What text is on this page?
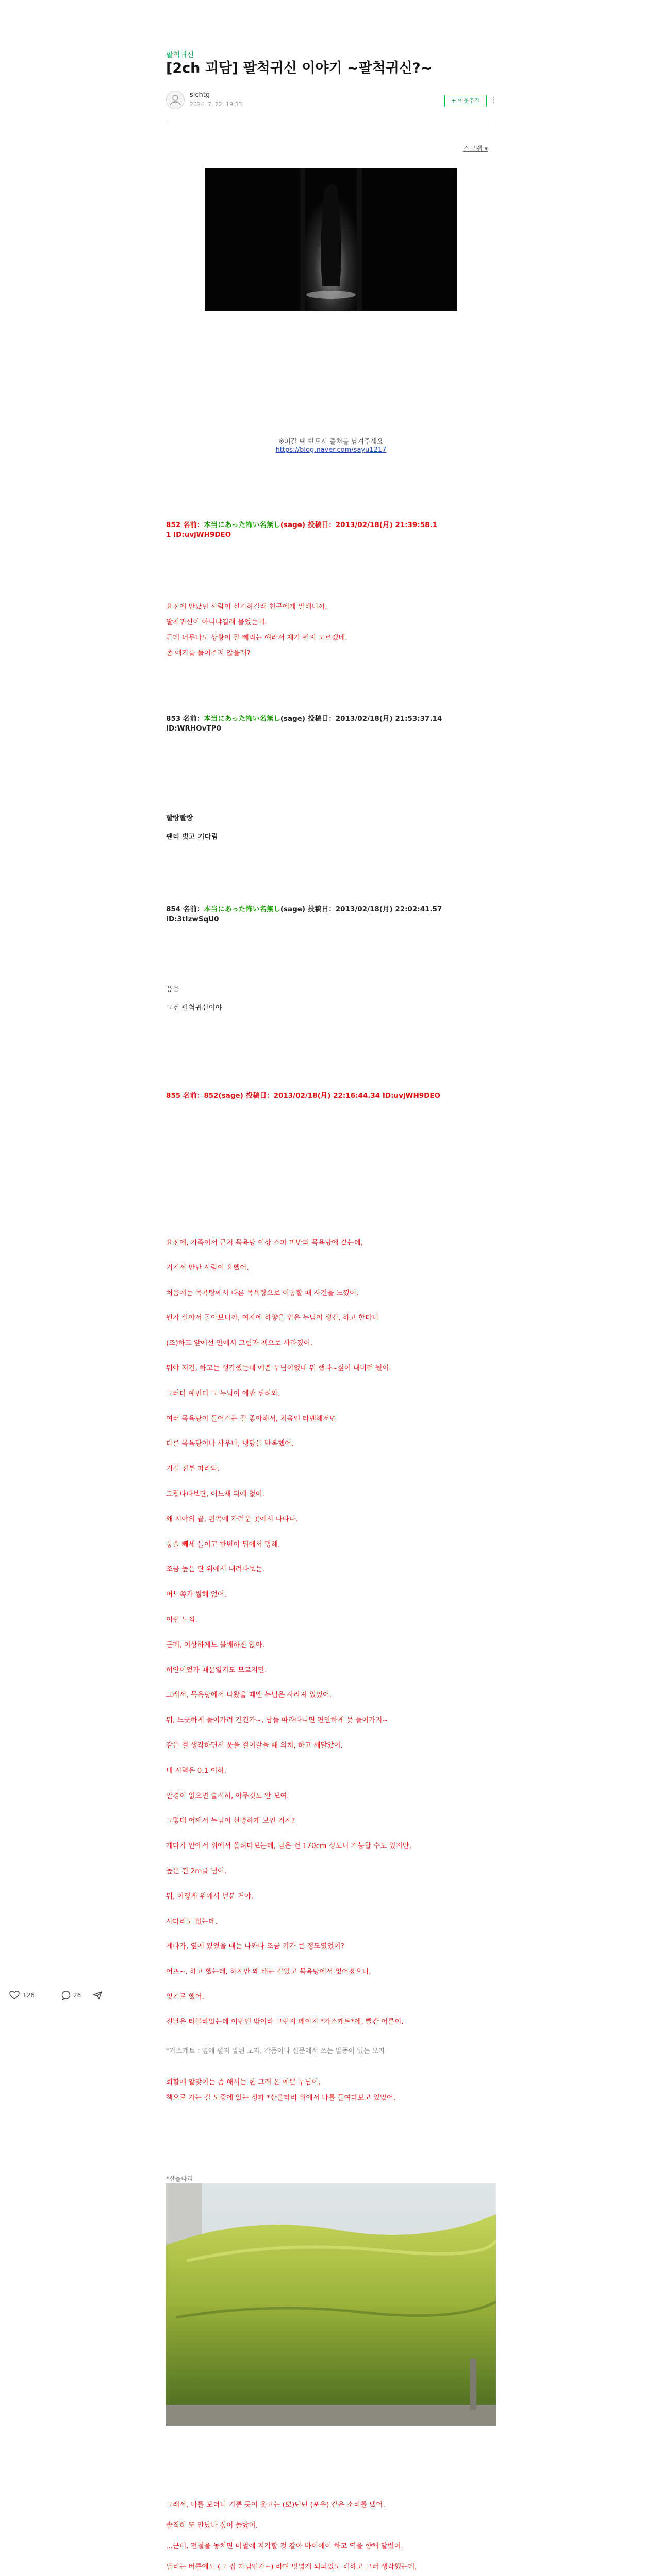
팔척귀신
[2ch 괴담] 팔척귀신 이야기 ~팔척귀신?~
sichtg
2024. 7. 22. 19:33
+ 이웃추가	⋮
스크랩 ▾
※퍼갈 땐 반드시 출처를 남겨주세요
https://blog.naver.com/sayu1217
852 名前：本当にあった怖い名無し(sage) 投稿日：2013/02/18(月) 21:39:58.1
1 ID:uvjWH9DEO
요전에 만났던 사람이 신기하길래 친구에게 말해니까,
팔척귀신이 아니냐길래 물었는데.
근데 너무나도 상황이 잘 빼먹는 얘라서 제가 뭔지 모르겠네.
좀 얘기를 들어주지 않을래?
853 名前：本当にあった怖い名無し(sage) 投稿日：2013/02/18(月) 21:53:37.14
ID:WRHOvTP0
빨랑빨랑
팬티 벗고 기다림
854 名前：本当にあった怖い名無し(sage) 投稿日：2013/02/18(月) 22:02:41.57
ID:3tIzwSqU0
응응
그건 팔척귀신이야
855 名前：852(sage) 投稿日：2013/02/18(月) 22:16:44.34 ID:uvjWH9DEO
요전에, 가족이서 근처 목욕탕 이상 스파 마만의 목욕탕에 갔는데,
거기서 만난 사람이 요했어.
처음에는 목욕탕에서 다른 목욕탕으로 이동할 때 사건을 느꼈어.
뭔가 살아서 돌아보니까, 여자에 하얗을 입은 누님이 생긴, 하고 한다니
(조)하고 앞에선 안에서 그림과 책으로 사라졌어.
뭐야 저건, 하고는 생각했는데 예쁜 누님이었네 뭐 했다~싶어 내버려 뒀어.
그러다 예민디 그 누님이 에반 뒤려와.
여러 목욕탕이 들어가는 걸 좋아해서, 처음인 타볜해저면
다른 목욕탕이나 사우나, 냉탕을 반복했어.
거길 전부 따라와.
그렇다다보단, 어느새 뒤에 없어.
왜 시야의 끝, 왼쪽에 가려운 곳에서 나타나.
둥술 빼세 들이고 한번이 뒤에서 명해.
조금 높은 단 위에서 내려다보는.
어느쪽가 뭘해 없어.
이런 느낌.
근데, 이상하게도 불쾌하진 않아.
히안이었가 때문일지도 모르지만.
그래서, 목욕탕에서 나왔을 때엔 누님은 사라져 있었어.
뭐, 느긋하게 들어가려 긴건가~, 남들 따라다니면 편안하게 못 들어가지~
같은 걸 생각하면서 웃을 걸어갈을 때 외쳐, 하고 깨달았어.
내 시력은 0.1 이하.
안경이 없으면 솔직히, 아무것도 안 보여.
그렇대 어째서 누님이 선명하게 보인 거지?
게다가 안에서 위에서 올려다보는데, 남은 건 170cm 정도니 가능할 수도 있지만,
높은 건 2m를 넘어.
뭐, 어떻게 위에서 넌분 거야.
사다리도 없는데.
게다가, 옆에 있었을 때는 나와다 조금 키가 큰 정도였었어?
어뜨~, 하고 했는데, 하지만 왜 배는 같았고 목욕탕에서 없어졌으니,
잊기로 했어.
전날은 타블라었는데 이번엔 밖이라 그런지 페이지 *가스캐트*에, 빨간 어른이.
*가스캐트 : 옆에 펼지 말된 모자, 작품이나 신문에서 쓰는 말풍이 있는 모자
회할에 알맞이는 좀 해서는 한 그래 온 예쁜 누님이,
책으로 가는 길 도중에 있는 정파 *산울타리 위에서 나를 들여다보고 있었어.
*산울타리
그래서, 나를 보더니 기쁜 듯이 웃고는 (뽀)딘딘 (포우) 같은 소리를 냈어.
솔직히 또 만났나 싶어 놀랐어.
...근데, 전철을 놓치면 미벌에 지각할 것 같아 바이에이 하고 역을 향해 달렸어.
달리는 버튼에도 (그 집 따님인가~) 라며 멋넓게 되뇌었도 해하고 그러 생각했는데,

126	26
